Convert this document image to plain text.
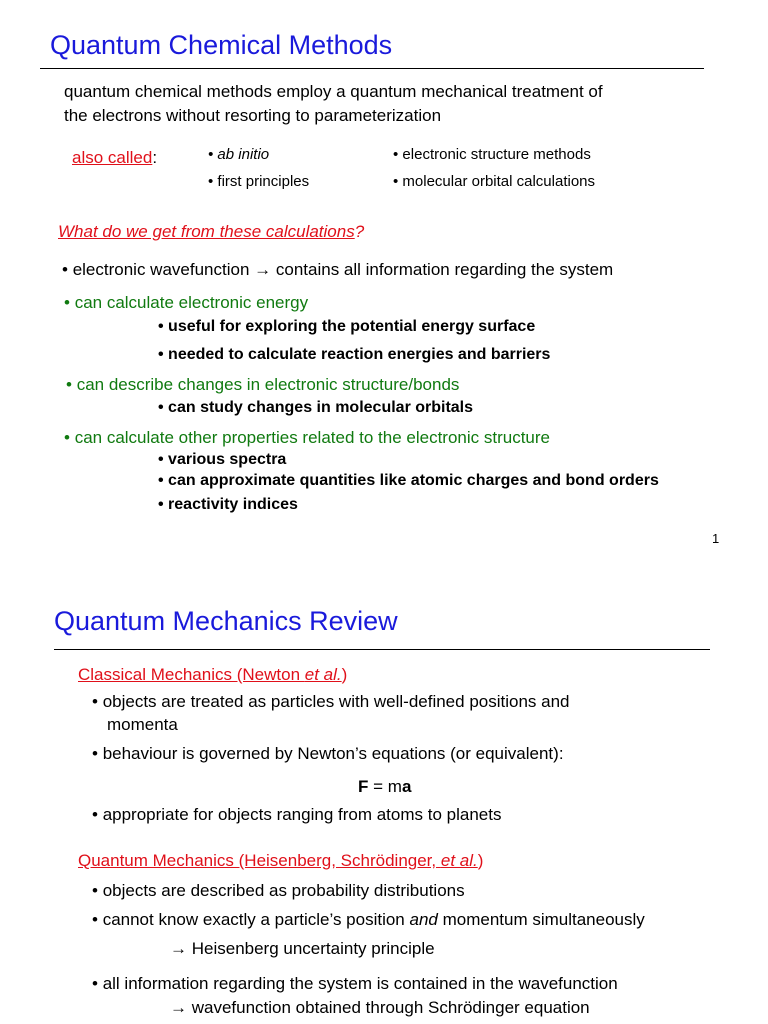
Quantum Chemical Methods
quantum chemical methods employ a quantum mechanical treatment of
the electrons without resorting to parameterization
also called:
•	ab initio
• first principles
• electronic structure methods
• molecular orbital calculations
What do we get from these calculations?
• electronic wavefunction → contains all information regarding the system
• can calculate electronic energy
• useful for exploring the potential energy surface
• needed to calculate reaction energies and barriers
• can describe changes in electronic structure/bonds
• can study changes in molecular orbitals
• can calculate other properties related to the electronic structure
• various spectra
• can approximate quantities like atomic charges and bond orders
• reactivity indices
1
Quantum Mechanics Review
Classical Mechanics (Newton et al.)
• objects are treated as particles with well-defined positions and
momenta
• behaviour is governed by Newton’s equations (or equivalent):
F = ma
• appropriate for objects ranging from atoms to planets
Quantum Mechanics (Heisenberg, Schrödinger, et al.)
• objects are described as probability distributions
• cannot know exactly a particle’s position and momentum simultaneously
→ Heisenberg uncertainty principle
• all information regarding the system is contained in the wavefunction
→ wavefunction obtained through Schrödinger equation
